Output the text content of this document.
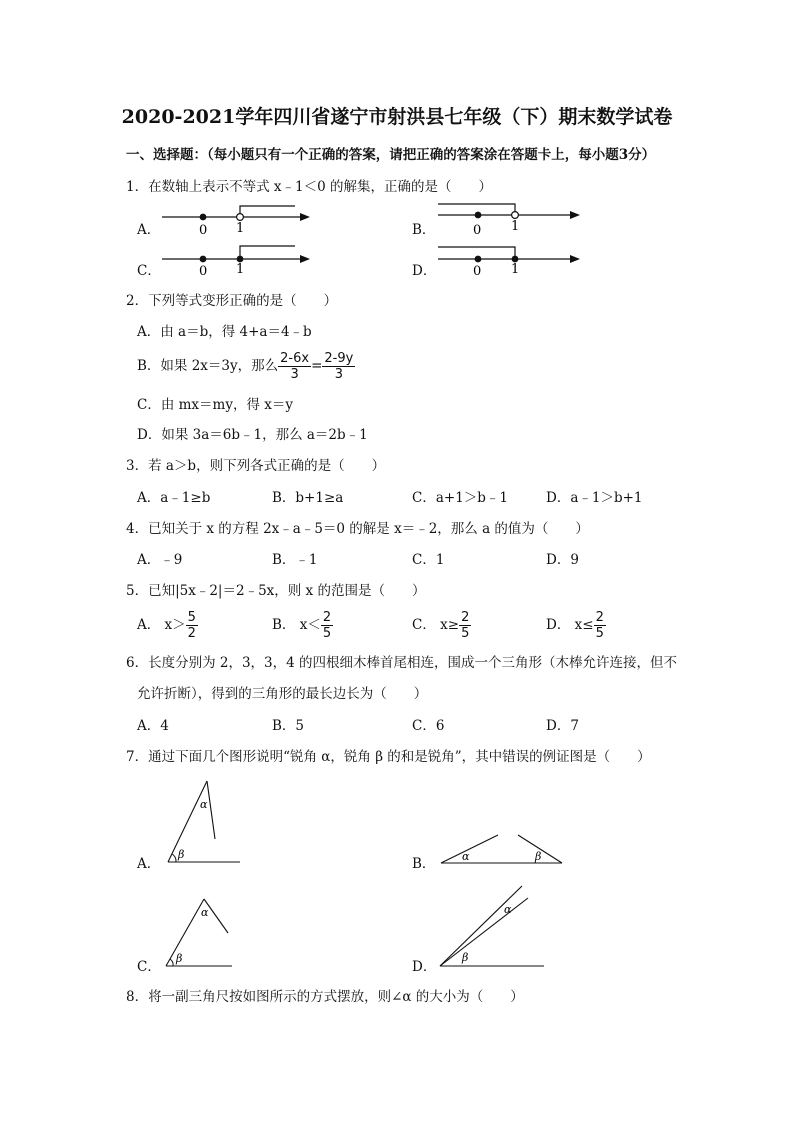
2020-2021学年四川省遂宁市射洪县七年级（下）期末数学试卷
一、选择题：（每小题只有一个正确的答案，请把正确的答案涂在答题卡上，每小题3分）
1．在数轴上表示不等式 x﹣1＜0 的解集，正确的是（　　）
A．	B．
C．	D．
0 1	0 1
0 1	0 1
2．下列等式变形正确的是（　　）
A．由 a＝b，得 4+a＝4﹣b
B．如果 2x＝3y，那么 $\frac{2-6x}{3} = \frac{2-9y}{3}$
C．由 mx＝my，得 x＝y
D．如果 3a＝6b﹣1，那么 a＝2b﹣1
3．若 a＞b，则下列各式正确的是（　　）
A．a﹣1≥b	B．b+1≥a	C．a+1＞b﹣1	D．a﹣1＞b+1
4．已知关于 x 的方程 2x﹣a﹣5＝0 的解是 x＝﹣2，那么 a 的值为（　　）
A．﹣9	B．﹣1	C．1	D．9
5．已知|5x﹣2|＝2﹣5x，则 x 的范围是（　　）
A． $x> \frac{5}{2}$	B． $x< \frac{2}{5}$	C． $x\ge \frac{2}{5}$	D． $x\le \frac{2}{5}$
6．长度分别为 2，3，3，4 的四根细木棒首尾相连，围成一个三角形（木棒允许连接，但不
允许折断），得到的三角形的最长边长为（　　）
A．4	B．5	C．6	D．7
7．通过下面几个图形说明“锐角 α，锐角 β 的和是锐角”，其中错误的例证图是（　　）
A．	B．
C．	D．
α
β	α	β
α
β
α
β
8．将一副三角尺按如图所示的方式摆放，则∠α 的大小为（　　）
